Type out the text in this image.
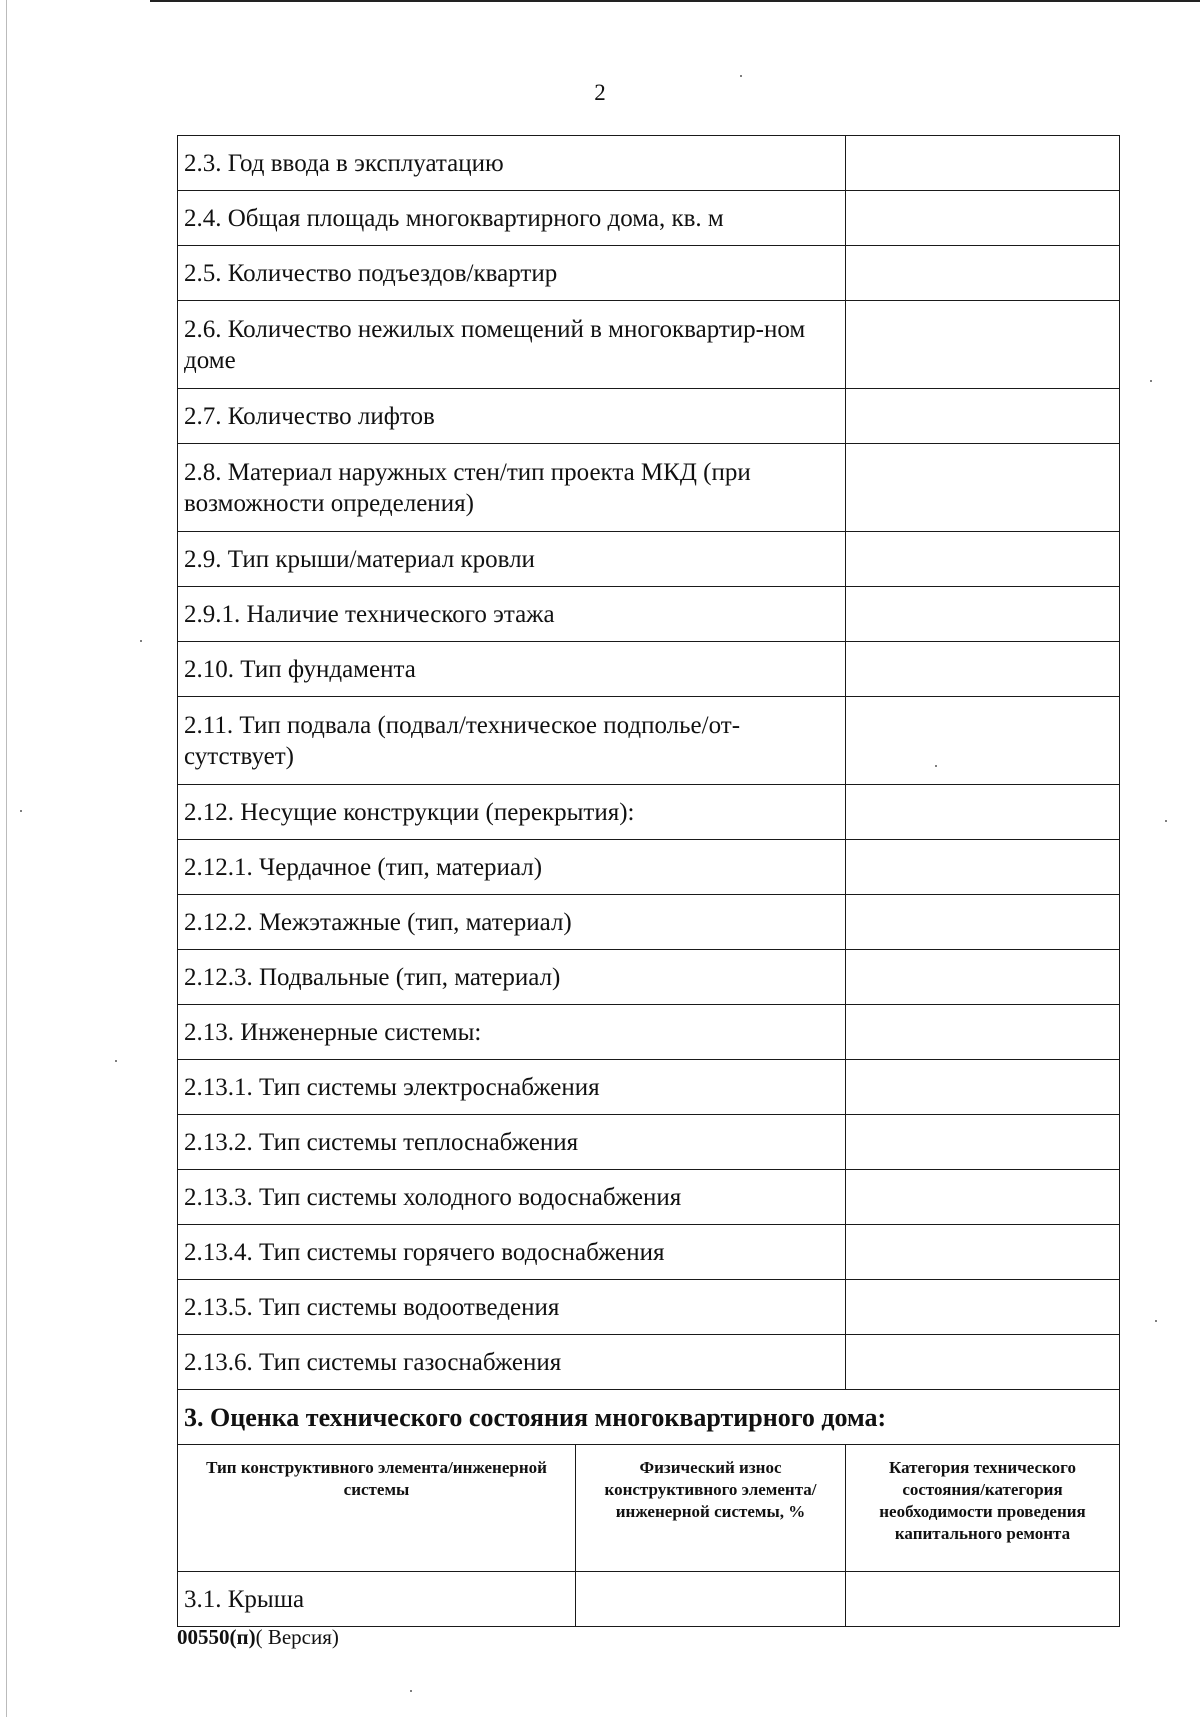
2
2.3. Год ввода в эксплуатацию		
2.4. Общая площадь многоквартирного дома, кв. м		
2.5. Количество подъездов/квартир		
2.6. Количество нежилых помещений в многоквартир-ном доме		
2.7. Количество лифтов		
2.8. Материал наружных стен/тип проекта МКД (при возможности определения)		
2.9. Тип крыши/материал кровли		
2.9.1. Наличие технического этажа		
2.10. Тип фундамента		
2.11. Тип подвала (подвал/техническое подполье/от-сутствует)		
2.12. Несущие конструкции (перекрытия):		
2.12.1. Чердачное (тип, материал)		
2.12.2. Межэтажные (тип, материал)		
2.12.3. Подвальные (тип, материал)		
2.13. Инженерные системы:		
2.13.1. Тип системы электроснабжения		
2.13.2. Тип системы теплоснабжения		
2.13.3. Тип системы холодного водоснабжения		
2.13.4. Тип системы горячего водоснабжения		
2.13.5. Тип системы водоотведения		
2.13.6. Тип системы газоснабжения		
3. Оценка технического состояния многоквартирного дома:		
Тип конструктивного элемента/инженерной системы	Физический износ конструктивного элемента/инженерной системы, %	Категория технического состояния/категория необходимости проведения капитального ремонта
3.1. Крыша		
00550(п)( Версия)
